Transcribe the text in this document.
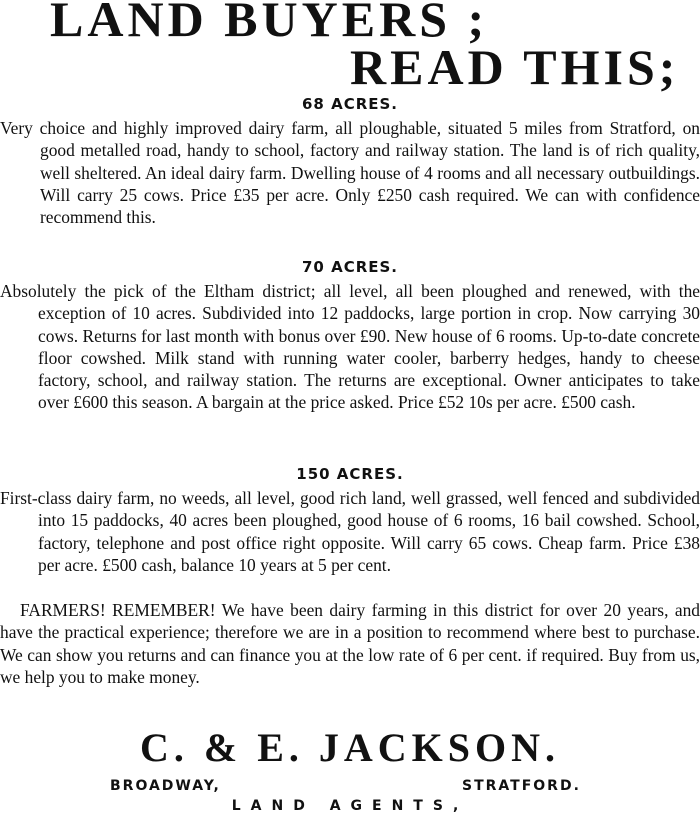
LAND BUYERS ;
READ THIS;
68 ACRES.
Very choice and highly improved dairy farm, all ploughable, situated 5 miles from Stratford, on good metalled road, handy to school, factory and railway station. The land is of rich quality, well sheltered. An ideal dairy farm. Dwelling house of 4 rooms and all necessary outbuildings. Will carry 25 cows. Price £35 per acre. Only £250 cash required. We can with confidence recommend this.
70 ACRES.
Absolutely the pick of the Eltham district; all level, all been ploughed and renewed, with the exception of 10 acres. Subdivided into 12 paddocks, large portion in crop. Now carrying 30 cows. Returns for last month with bonus over £90. New house of 6 rooms. Up-to-date concrete floor cowshed. Milk stand with running water cooler, barberry hedges, handy to cheese factory, school, and railway station. The returns are exceptional. Owner anticipates to take over £600 this season. A bargain at the price asked. Price £52 10s per acre. £500 cash.
150 ACRES.
First-class dairy farm, no weeds, all level, good rich land, well grassed, well fenced and subdivided into 15 paddocks, 40 acres been ploughed, good house of 6 rooms, 16 bail cowshed. School, factory, telephone and post office right opposite. Will carry 65 cows. Cheap farm. Price £38 per acre. £500 cash, balance 10 years at 5 per cent.
FARMERS! REMEMBER! We have been dairy farming in this district for over 20 years, and have the practical experience; therefore we are in a position to recommend where best to purchase. We can show you returns and can finance you at the low rate of 6 per cent. if required. Buy from us, we help you to make money.
C. & E. JACKSON.
BROADWAY,	STRATFORD.
LAND AGENTS,
